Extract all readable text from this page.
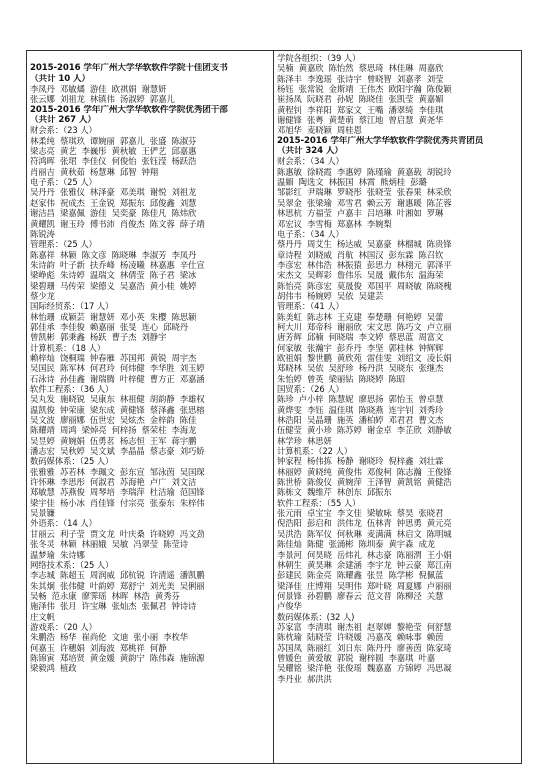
2015-2016 学年广州大学华软软件学院十佳团支书
（共计 10 人）
李凤丹  邓敏燏  游佳  欧祺娟  谢慧妍
张云娜  刘祖龙  林镇伟  汤淑婷  郭嘉儿
2015-2016 学年广州大学华软软件学院优秀团干部
（共计 267 人）
财会系：（23 人）
林柔纯  蔡琪玖  谭婉丽  郭嘉儿  张盛  陈淑芬
梁志亮  黄艺  李巍彤  黄秋敏  王俨艺  邱嘉惠
符鸿晖  张珺  李佳仪  何俊怡  张钰滢  杨跃浩
肖丽吉  黄秋茹  杨慧琳  邱智  钟翔
电子系：（25 人）
吴丹丹  张雅仪  林泽豪  邓美琪  谢悦  刘祖龙
赵家伟  祝成杰  王金锐  郑振东  邱俊鑫  刘慧
谢洁昌  梁嘉佩  游佳  吴奕豪  陈佳凡  陈炜欣
黄耀凯  谢玉玲  傅书沛  肖俊杰  陈文蓉  薛子靖
陈锐涛
管理系：（25 人）
陈嘉祥  林颖  陈文彦  陈晓琳  李淑芳  李凤丹
朱诗韵  叶子新  扶乔峰  杨凌曦  林嘉惠  辛仕宣
梁峥彪  朱诗婷  温瑞文  林倩莹  陈子君  梁冰
梁碧珊  马传荣  梁德义  吴嘉浩  黄小桂  姚婷
蔡少龙
国际经贸系：（17 人）
林怡珊  成颖芸  谢慧妍  邓小英  朱樱  陈思颖
郭佳承  李佳俊  赖嘉丽  张旻  连心  邱晓丹
曾凯彬  郭秉鑫  杨跃  曹子杰  刘静宇
计算机系：（18 人）
赖梓灿  饶桐瑞  钟春雁  苏国邦  黄锐  周宇杰
吴国民  陈军林  何君玲  何炜健  李华胜  刘玉婷
石泳诗  孙佳鑫  谢瑞腾  叶梓健  曹方正  邓嘉涵
软件工程系：（36 人）
吴丸发  施晓锐  吴康东  林祖健  胡韵静  李雄权
温凯俊  钟荣康  梁东成  黄健锋  蔡泽鑫  张思榕
吴文波  廖丽娜  伍世宏  吴炫杰  金梓韵  陈佳
陈耀靖  周鸿  梁焯亮  何梓扬  蔡荣柱  李海龙
吴昱婷  黄婉娟  伍勇茗  杨志恒  王军  蒋宇鹏
潘志宏  吴秋婷  吴文斌  李晶晶  蔡志豪  刘巧娇
数码媒体系：（25 人）
张雅雅  苏若林  李珮文  彭东宣  邹泳茵  吴国琛
许怀琳  李思彤  何淑君  苏海艳  卢广  刘文洁
郑敏慧  苏燕俊  周琴培  李瑞萍  杜洁瑜  范国锋
梁宇佳  杨小冰  肖佳锋  付宗亮  张泰东  朱梓伟
吴景镰
外语系：（14 人）
甘丽云  利子莹  贾文龙  叶庆桑  许晓婷  冯文劲
张冬灵  林颖  林丽娥  吴敏  冯翠莹  陈莹诗
温梦瑜  朱诗娜
网络技术系：（25 人）
李志城  陈超玉  周润威  邱杭锐  许清遥  潘凯鹏
朱其炯  张伟健  叶韵婷  郑舒宁  刘光美  吴俐丽
吴畅  范永康  廖霁瑶  林晖  林浩  黄秀芬
施泽伟  张月  许宝琳  张灿杰  张佩君  钟诗诗
庄文帆
游戏系：（20 人）
朱鹏浩  杨华  崔尚伦  文迪  张小丽  李枚华
何嘉玉  许穗娟  刘海波  郑桃祥  何静
陈锦寅  郑培贤  黄金媛  黄韵宁  陈伟森  施锦源
梁毅鸿  植政
学院各组织：（39 人）
吴楠  黄嘉欣  陈怡然  蔡思琦  林佳琳  周嘉欣
陈泽丰  李逸瑶  张诗宇  曾晓智  刘嘉孝  刘莹
杨钰  张常锐  金斯靖  王伟杰  欧阳宇瀚  陈俊颖
崔扬凤  阮晓君  孙妮  陈晓佳  张凯莹  黄嘉媚
黄程钊  李祥阳  郑家文  王嘴  潘翠绮  李佳琪
谢健锋  张粤  黄楚萌  蔡江地  曾启慧  黄尧华
邓旭华  麦晓颖  周桂恩
2015-2016 学年广州大学华软软件学院优秀共青团员
（共计 324 人）
财会系：（34 人）
陈惠敏  徐晓霞  李惠婷  陈瑾瑜  黄嘉载  胡锐玲
温媚  陶选文  林振国  林霄  熊炳桂  彭璐
邹影红  尹瑞琳  罗晓彤  张晓莹  张春果  林采欣
吴翠金  张梁瑜  邓雪君  赖云芳  谢惠暖  陈芷蓉
林思杭  方福莹  卢嘉丰  吕培琳  叶湘如  罗琳
邓宏议  李雪梅  郑嘉林  李婉梨
电子系：（34 人）
蔡丹丹  周艾生  杨达威  吴嘉豪  林榴城  陈贵锋
章诗程  刘晓威  肖航  林国汉  彭东霖  陈召钦
李彦宏  林伟浩  林振猿  彭思力  林栩元  郭泽平
宋杰文  吴辉彩  詹伟乐  吴晟  戴伟东  温海荣
陈怡亮  陈彦宏  莫晟俊  邓国平  周晓敏  陈晓槐
胡伟韦  杨婉婷  吴依  吴建芸
管理系：（41 人）
陈美虹  陈志林  王克建  奉楚珊  何艳婷  吴蕾
柯大川  郑帝科  谢丽欣  宋文思  陈巧文  卢立丽
唐芳辉  邱楠  何晓瑞  李文婷  蔡思蓝  周富文
何家敏  张瀚宇  彭乔丹  李坚  郭桂林  钟辉辉
欧祖娟  黎世鹏  黄欣苑  雷佳雯  刘绍文  凌长娟
郑晓林  吴依  吴舒珍  杨丹洪  吴晓东  张继杰
朱怡婷  曾英  梁丽钻  陈晓婷  陈昭
国贸系：（26 人）
陈珍  卢小梓  陈慧妮  廖思扬  郭怡玉  曾卓慧
黄烨雯  李钰  温佳琪  陈晓燕  连宇钊  刘秀玲
林浩阳  吴晶珊  施英  潘柏婷  邓君君  曹文杰
伍健莹  黄小珍  陈苏婷  谢金卓  李芷欣  刘静敏
林学珍  林思妍
计算机系：（22 人）
钟家程  杨伟拣  杨静  谢晓玲  倪梓鑫  刘壮霖
林丽婷  黄晓纯  黄俊伟  邓俊柯  陈志瀚  王俊锋
陈世桥  陈俊仪  黄婉萍  王泽智  黄凯铭  黄健浩
陈栋文  魏维芹  林创东  邱振东
软件工程系：（55 人）
张元雨  卓宝宝  李文佳  梁敏咏  蔡昊  张晓君
倪浩阳  彭启和  洪伟龙  伍林青  钟思勇  黄元亮
吴洪浩  陈军仪  何秋琳  麦满满  林启文  陈明城
陈佳灿  陈健  张涌彬  陈圳泰  黄宇森  成龙
李景河  何昊晓  岳炜礼  林志豪  陈丽渭  王小娟
林朝生  黄昊琳  余建涵  李宇龙  钟云豪  郑江南
彭建民  陈金亮  陈耀鑫  张昱  陈学彬  倪佩蓝
梁泽佳  庄博翔  吴明伟  郑叶晓  周夏娜  卢丽丽
何景锋  孙碧鹏  廖春云  范文晋  陈柳泾  关慧
卢俊华
数码媒体系：(32 人)
苏家富  李清琪  谢杰祖  赵翠婵  黎艳莹  何舒慧
陈枕瑜  陆晓莹  许晓媛  冯嘉茂  赖咏事  赖茵
苏国凤  陈丽红  刘日东  陈丹丹  廖善茵  陈家琦
曾媛色  黄爱敏  郭锐  谢梓圆  李嘉琪  叶嘉
吴耀铭  梁洋艳  张俊瑶  魏嘉嘉  方锦婷  冯思凝
李丹业  郝洪洪
